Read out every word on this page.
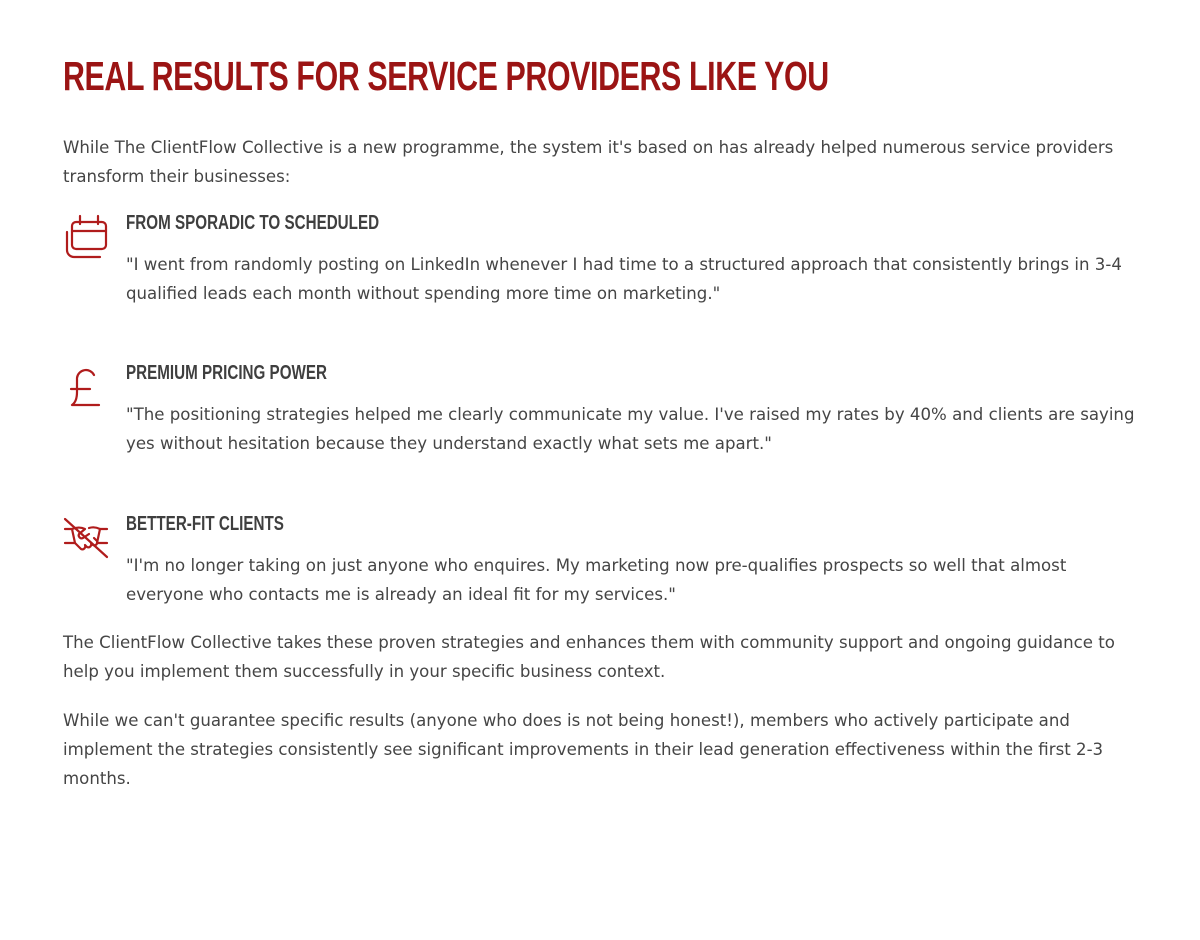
REAL RESULTS FOR SERVICE PROVIDERS LIKE YOU

While The ClientFlow Collective is a new programme, the system it's based on has already helped numerous service providers transform their businesses:

FROM SPORADIC TO SCHEDULED

"I went from randomly posting on LinkedIn whenever I had time to a structured approach that consistently brings in 3-4 qualified leads each month without spending more time on marketing."

PREMIUM PRICING POWER

"The positioning strategies helped me clearly communicate my value. I've raised my rates by 40% and clients are saying yes without hesitation because they understand exactly what sets me apart."

BETTER-FIT CLIENTS

"I'm no longer taking on just anyone who enquires. My marketing now pre-qualifies prospects so well that almost everyone who contacts me is already an ideal fit for my services."

The ClientFlow Collective takes these proven strategies and enhances them with community support and ongoing guidance to help you implement them successfully in your specific business context.

While we can't guarantee specific results (anyone who does is not being honest!), members who actively participate and implement the strategies consistently see significant improvements in their lead generation effectiveness within the first 2-3 months.
